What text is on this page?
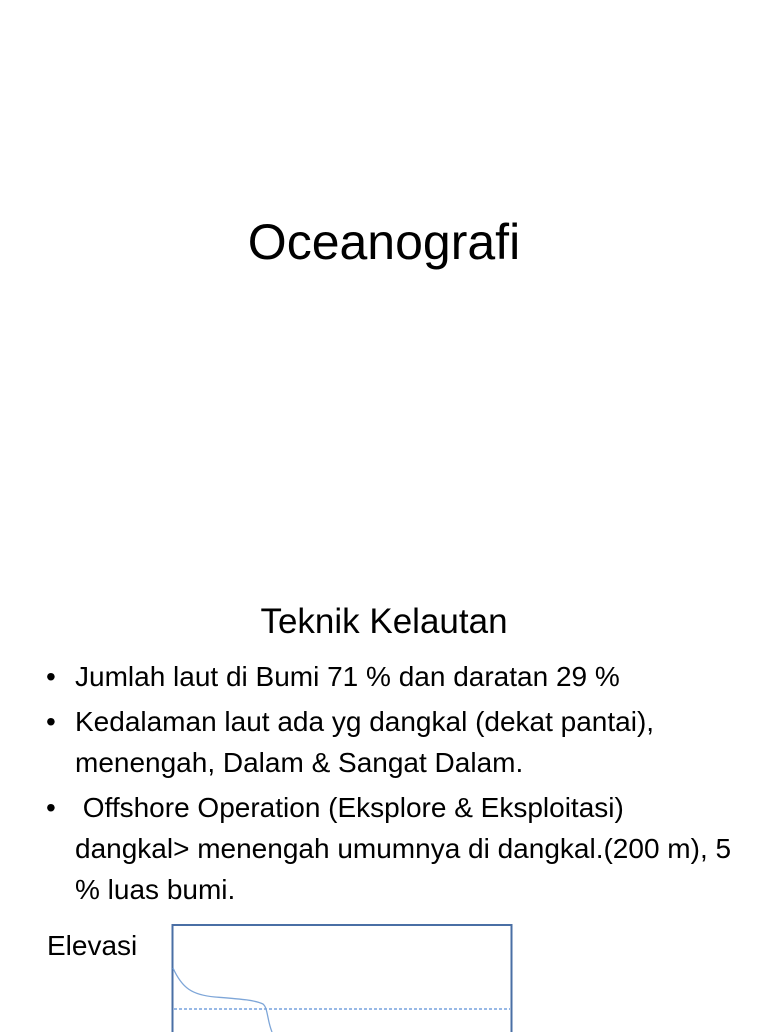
Oceanografi
Teknik Kelautan
• Jumlah laut di Bumi 71 % dan daratan 29 %
• Kedalaman laut ada yg dangkal (dekat pantai), menengah, Dalam & Sangat Dalam.
• Offshore Operation (Eksplore & Eksploitasi) dangkal> menengah umumnya di dangkal.(200 m), 5 % luas bumi.
Elevasi
